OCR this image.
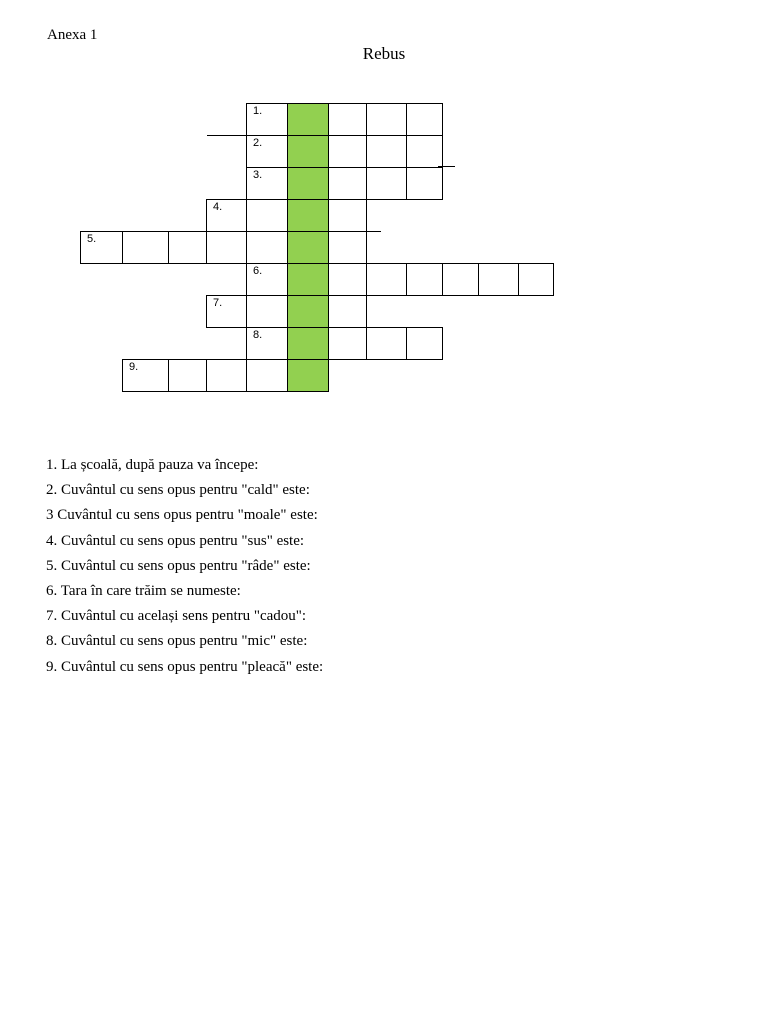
Anexa 1
Rebus
1.
2.
3.
4.
5.
6.
7.
8.
9.
1. La școală, după pauza va începe:
2. Cuvântul cu sens opus pentru "cald" este:
3 Cuvântul cu sens opus pentru "moale" este:
4. Cuvântul cu sens opus pentru "sus" este:
5. Cuvântul cu sens opus pentru "râde" este:
6. Tara în care trăim se numeste:
7. Cuvântul cu același sens pentru "cadou":
8. Cuvântul cu sens opus pentru "mic" este:
9. Cuvântul cu sens opus pentru "pleacă" este:
